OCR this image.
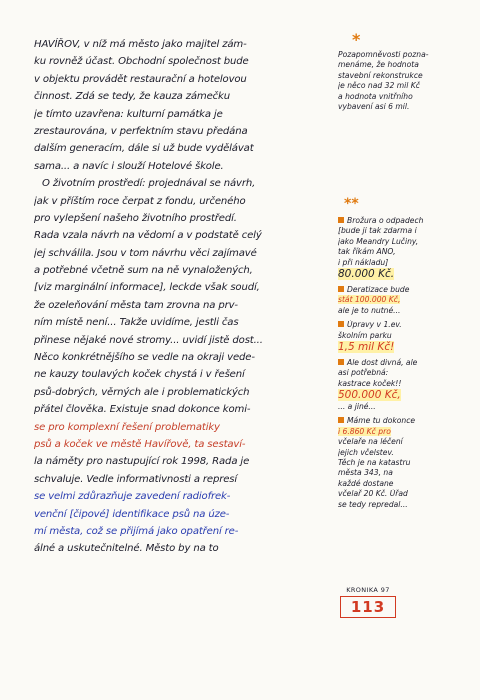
HAVÍŘOV, v níž má město jako majitel zám-
ku rovněž účast. Obchodní společnost bude
v objektu provádět restaurační a hotelovou
činnost. Zdá se tedy, že kauza zámečku
je tímto uzavřena: kulturní památka je
zrestaurována, v perfektním stavu předána
dalším generacím, dále si už bude vydělávat
sama... a navíc i slouží Hotelové škole.
O životním prostředí: projednával se návrh,
jak v příštím roce čerpat z fondu, určeného
pro vylepšení našeho životního prostředí.
Rada vzala návrh na vědomí a v podstatě celý
jej schválila. Jsou v tom návrhu věci zajímavé
a potřebné včetně sum na ně vynaložených,
[viz marginální informace], leckde však soudí,
že ozeleňování města tam zrovna na prv-
ním místě není... Takže uvidíme, jestli čas
přinese nějaké nové stromy... uvidí jistě dost...
Něco konkrétnějšího se vedle na okraji vede-
ne kauzy toulavých koček chystá i v řešení
psů-dobrých, věrných ale i problematických
přátel člověka. Existuje snad dokonce komi-
se pro komplexní řešení problematiky
psů a koček ve městě Havířově, ta sestaví-
la náměty pro nastupující rok 1998, Rada je
schvaluje. Vedle informativnosti a represí
se velmi zdůrazňuje zavedení radiofrek-
venční [čipové] identifikace psů na úze-
mí města, což se přijímá jako opatření re-
álné a uskutečnitelné. Město by na to
*
Pozapomněvosti pozna-
menáme, že hodnota
stavební rekonstrukce
je něco nad 32 mil Kč
a hodnota vnitřního
vybavení asi 6 mil.
**
Brožura o odpadech
[bude ji tak zdarma i
jako Meandry Lučiny,
tak říkám ANO,
i při nákladu]
80.000 Kč.
Deratizace bude
stát 100.000 Kč,
ale je to nutné...
Úpravy v 1.ev.
školním parku
1,5 mil Kč!
Ale dost divná, ale
asi potřebná:
kastrace koček!!
500.000 Kč,
... a jiné...
Máme tu dokonce
i 6.860 Kč pro
včelaře na léčení
jejich včelstev.
Těch je na katastru
města 343, na
každé dostane
včelař 20 Kč. Úřad
se tedy repredal...
KRONIKA 97
113
